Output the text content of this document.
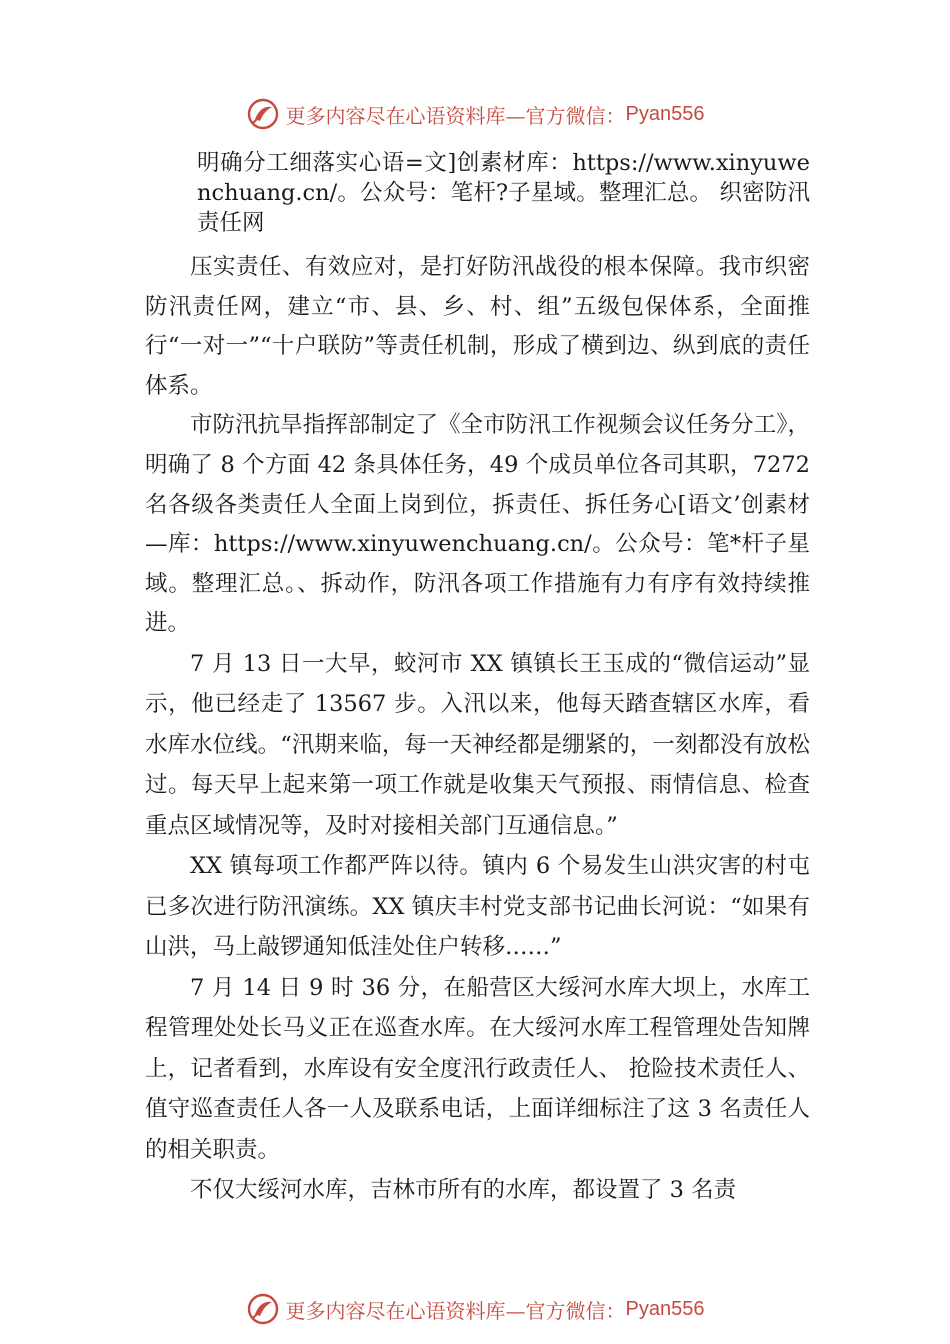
更多内容尽在心语资料库—官方微信： Pyan556

明确分工细落实心语=文]创素材库：https://www.xinyuwenchuang.cn/。公众号：笔杆?子星域。整理汇总。 织密防汛责任网

压实责任、有效应对，是打好防汛战役的根本保障。我市织密防汛责任网，建立“市、县、乡、村、组”五级包保体系，全面推行“一对一”“十户联防”等责任机制，形成了横到边、纵到底的责任体系。

市防汛抗旱指挥部制定了《全市防汛工作视频会议任务分工》，明确了 8 个方面 42 条具体任务，49 个成员单位各司其职，7272 名各级各类责任人全面上岗到位，拆责任、拆任务心[语文’创素材—库：https://www.xinyuwenchuang.cn/。公众号：笔*杆子星域。整理汇总。、拆动作，防汛各项工作措施有力有序有效持续推进。

7 月 13 日一大早，蛟河市 XX 镇镇长王玉成的“微信运动”显示，他已经走了 13567 步。入汛以来，他每天踏查辖区水库，看水库水位线。“汛期来临，每一天神经都是绷紧的，一刻都没有放松过。每天早上起来第一项工作就是收集天气预报、雨情信息、检查重点区域情况等，及时对接相关部门互通信息。”

XX 镇每项工作都严阵以待。镇内 6 个易发生山洪灾害的村屯已多次进行防汛演练。XX 镇庆丰村党支部书记曲长河说：“如果有山洪，马上敲锣通知低洼处住户转移……”

7 月 14 日 9 时 36 分，在船营区大绥河水库大坝上，水库工程管理处处长马义正在巡查水库。在大绥河水库工程管理处告知牌上，记者看到，水库设有安全度汛行政责任人、 抢险技术责任人、值守巡查责任人各一人及联系电话，上面详细标注了这 3 名责任人的相关职责。

不仅大绥河水库，吉林市所有的水库，都设置了 3 名责

更多内容尽在心语资料库—官方微信： Pyan556
